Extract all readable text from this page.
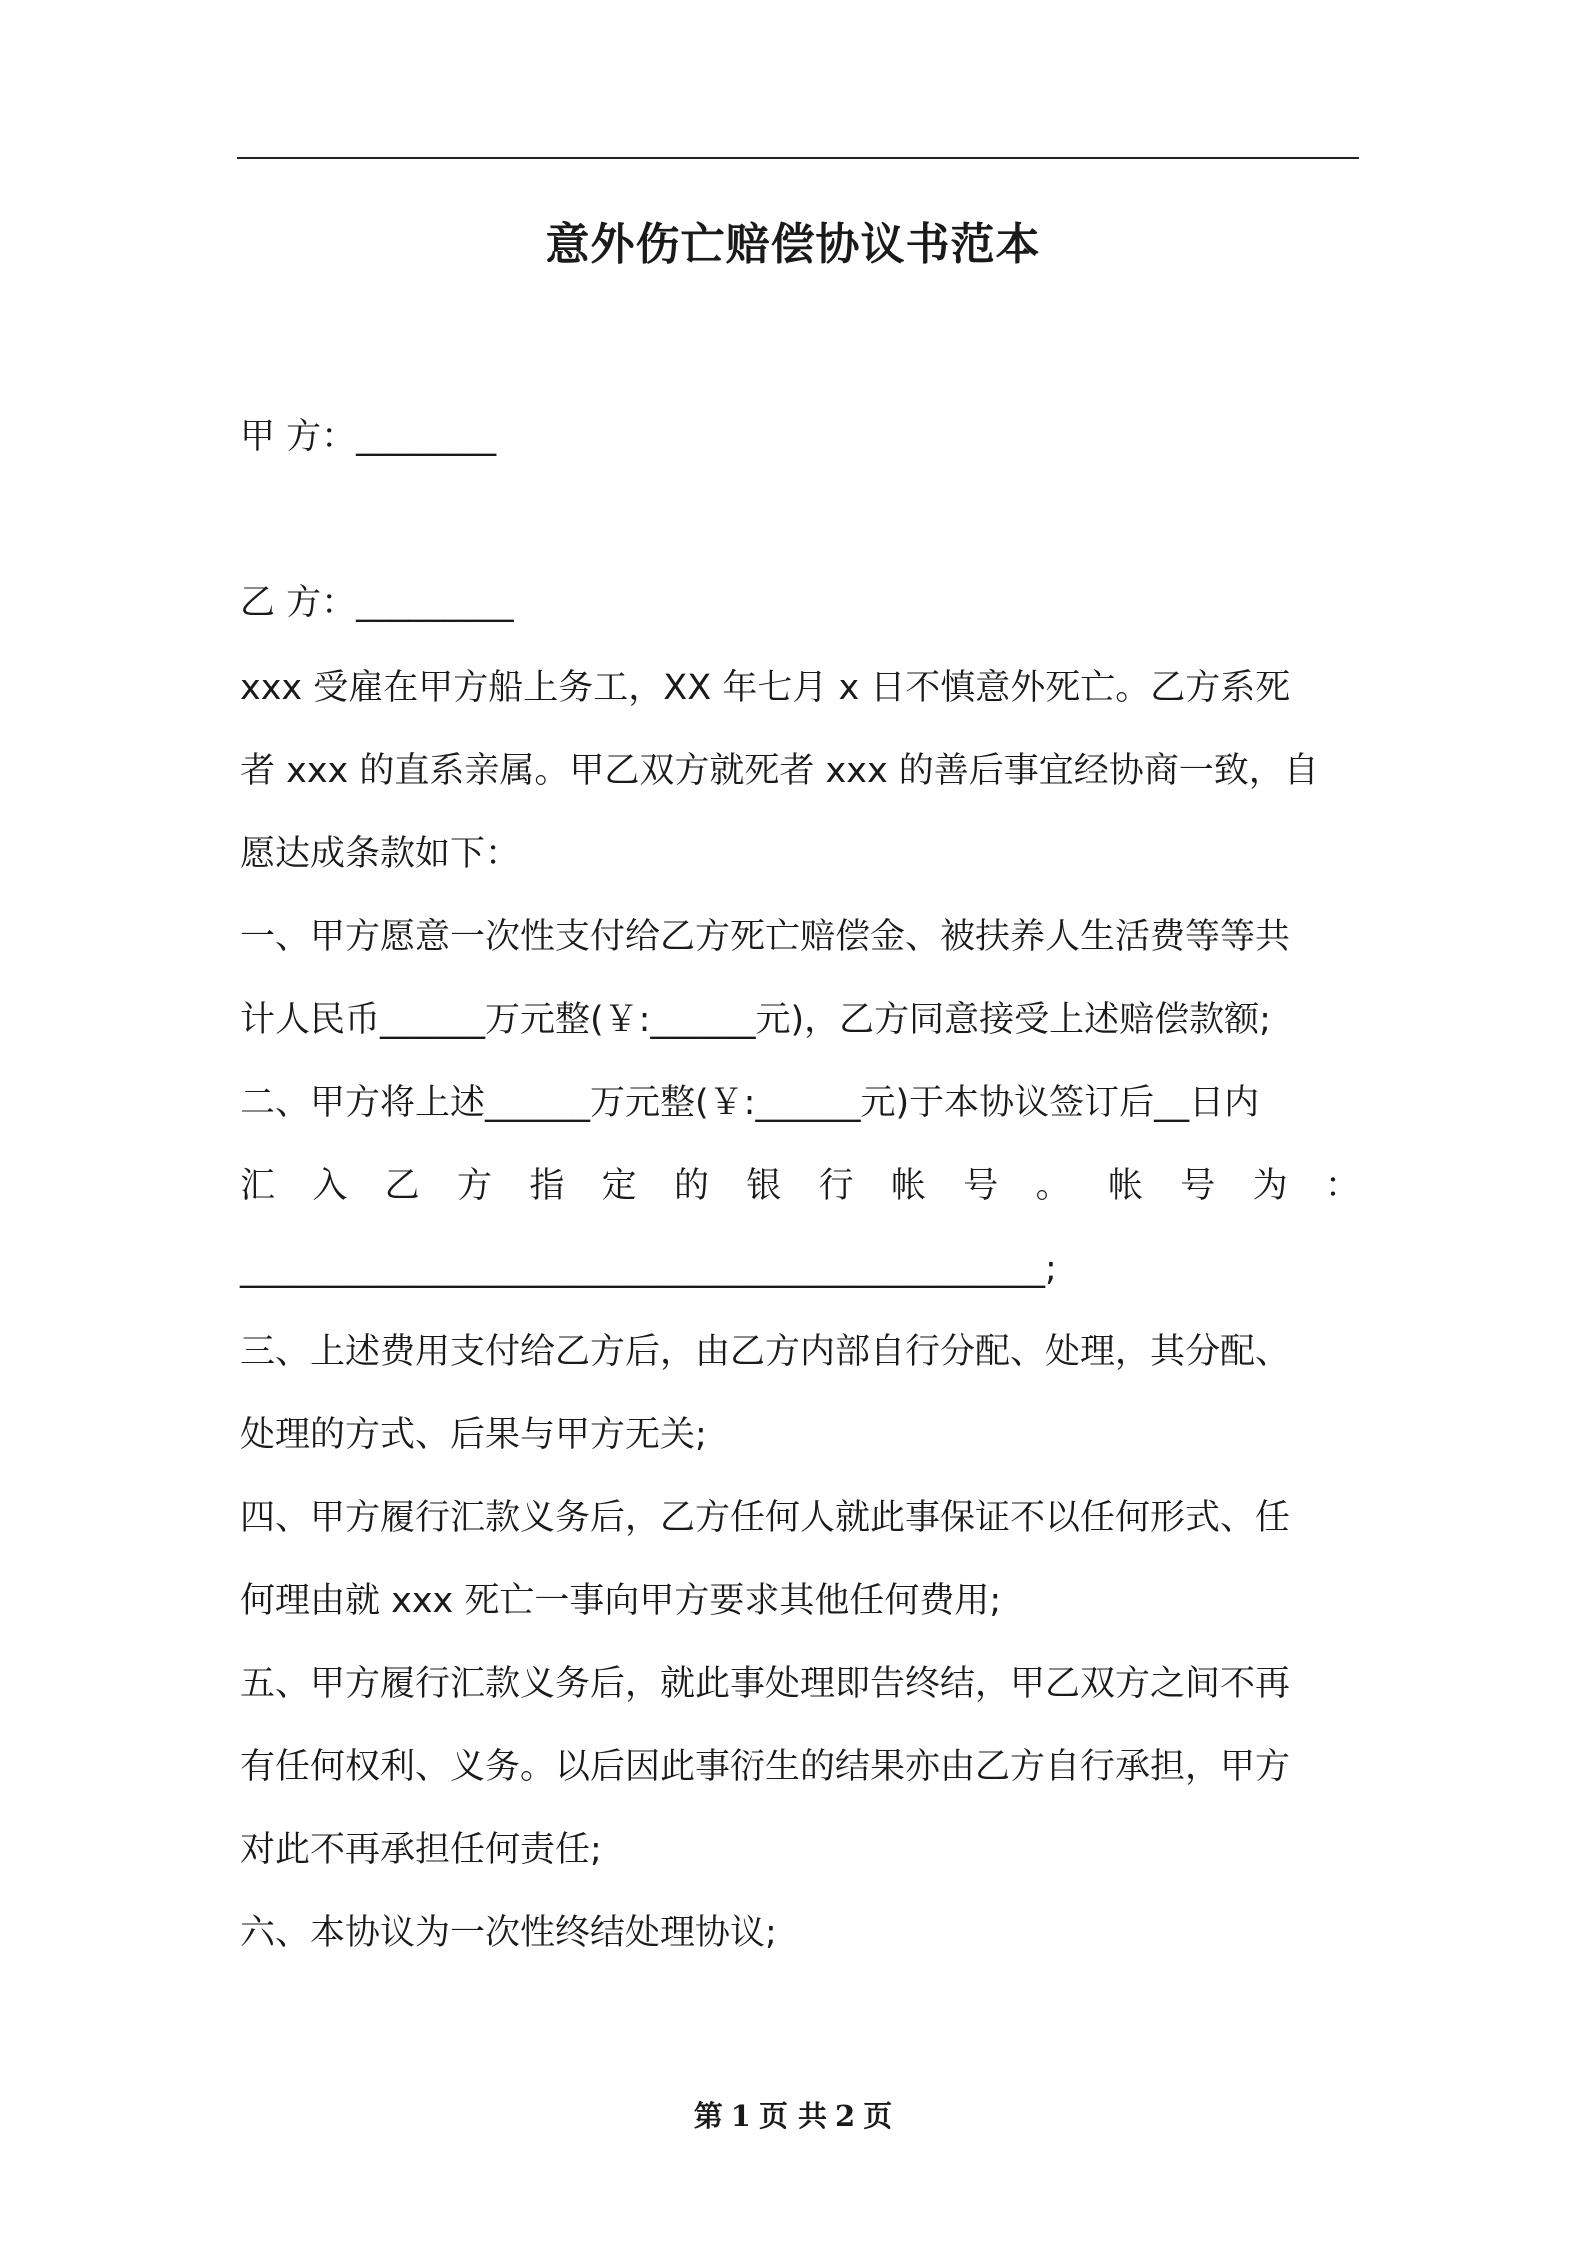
意外伤亡赔偿协议书范本
甲 方：________
乙 方：_________
xxx 受雇在甲方船上务工，XX 年七月 x 日不慎意外死亡。乙方系死
者 xxx 的直系亲属。甲乙双方就死者 xxx 的善后事宜经协商一致，自
愿达成条款如下：
一、甲方愿意一次性支付给乙方死亡赔偿金、被扶养人生活费等等共
计人民币______万元整(￥:______元)，乙方同意接受上述赔偿款额;
二、甲方将上述______万元整(￥:______元)于本协议签订后__日内
汇 入 乙 方 指 定 的 银 行 帐 号 。 帐 号 为 ：
______________________________________________;
三、上述费用支付给乙方后，由乙方内部自行分配、处理，其分配、
处理的方式、后果与甲方无关;
四、甲方履行汇款义务后，乙方任何人就此事保证不以任何形式、任
何理由就 xxx 死亡一事向甲方要求其他任何费用;
五、甲方履行汇款义务后，就此事处理即告终结，甲乙双方之间不再
有任何权利、义务。以后因此事衍生的结果亦由乙方自行承担，甲方
对此不再承担任何责任;
六、本协议为一次性终结处理协议;
第 1 页 共 2 页
